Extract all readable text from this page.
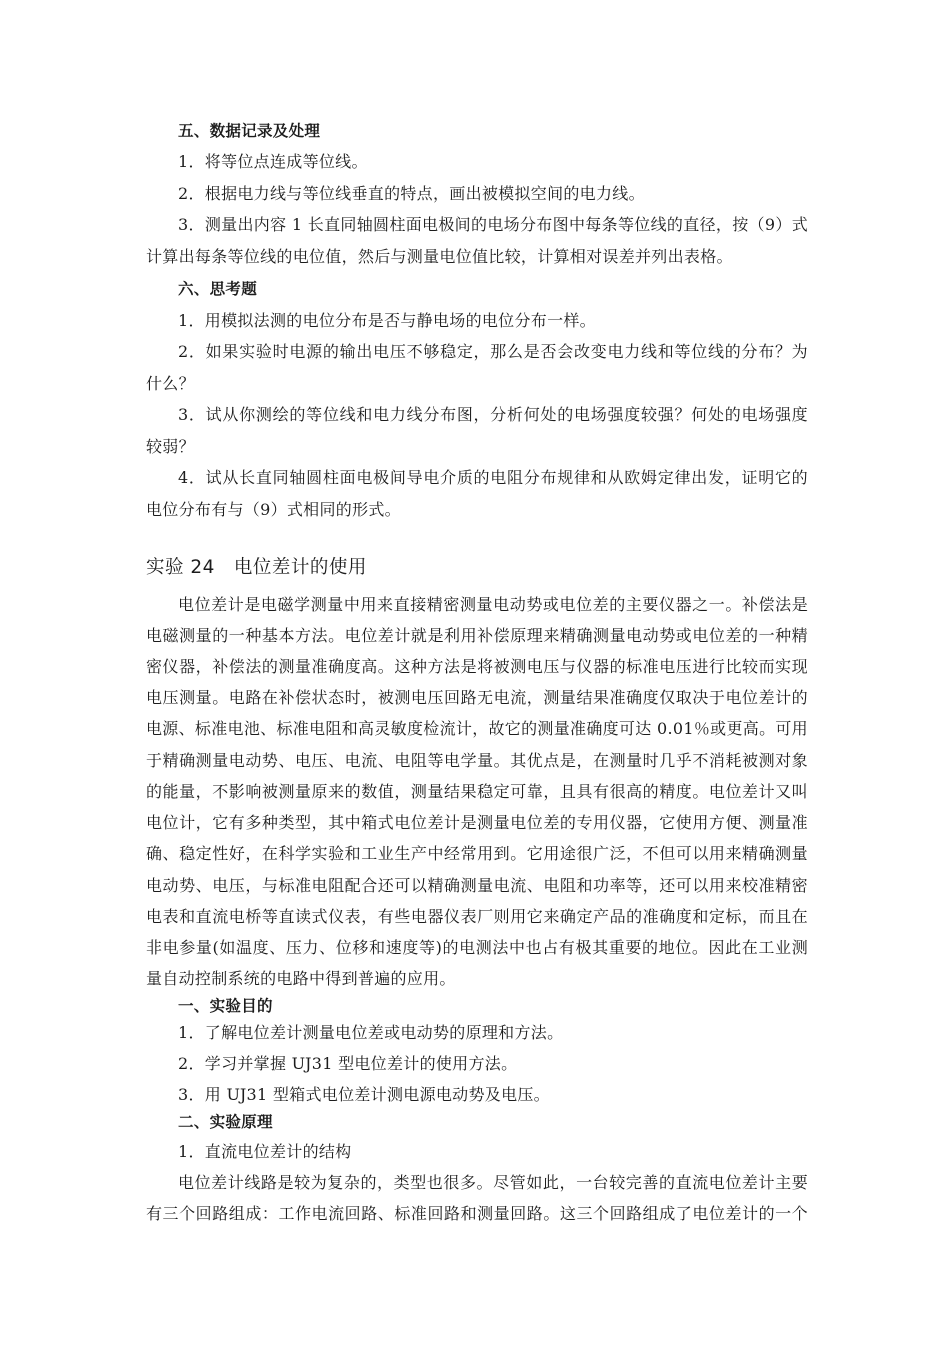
五、数据记录及处理
1．将等位点连成等位线。
2．根据电力线与等位线垂直的特点，画出被模拟空间的电力线。
3．测量出内容 1 长直同轴圆柱面电极间的电场分布图中每条等位线的直径，按（9）式
计算出每条等位线的电位值，然后与测量电位值比较，计算相对误差并列出表格。
六、思考题
1．用模拟法测的电位分布是否与静电场的电位分布一样。
2．如果实验时电源的输出电压不够稳定，那么是否会改变电力线和等位线的分布？为
什么？
3．试从你测绘的等位线和电力线分布图，分析何处的电场强度较强？何处的电场强度
较弱？
4．试从长直同轴圆柱面电极间导电介质的电阻分布规律和从欧姆定律出发，证明它的
电位分布有与（9）式相同的形式。
实验 24　电位差计的使用
电位差计是电磁学测量中用来直接精密测量电动势或电位差的主要仪器之一。补偿法是
电磁测量的一种基本方法。电位差计就是利用补偿原理来精确测量电动势或电位差的一种精
密仪器，补偿法的测量准确度高。这种方法是将被测电压与仪器的标准电压进行比较而实现
电压测量。电路在补偿状态时，被测电压回路无电流，测量结果准确度仅取决于电位差计的
电源、标准电池、标准电阻和高灵敏度检流计，故它的测量准确度可达 0.01％或更高。可用
于精确测量电动势、电压、电流、电阻等电学量。其优点是，在测量时几乎不消耗被测对象
的能量，不影响被测量原来的数值，测量结果稳定可靠，且具有很高的精度。电位差计又叫
电位计，它有多种类型，其中箱式电位差计是测量电位差的专用仪器，它使用方便、测量准
确、稳定性好，在科学实验和工业生产中经常用到。它用途很广泛，不但可以用来精确测量
电动势、电压，与标准电阻配合还可以精确测量电流、电阻和功率等，还可以用来校准精密
电表和直流电桥等直读式仪表，有些电器仪表厂则用它来确定产品的准确度和定标，而且在
非电参量(如温度、压力、位移和速度等)的电测法中也占有极其重要的地位。因此在工业测
量自动控制系统的电路中得到普遍的应用。
一、实验目的
1．了解电位差计测量电位差或电动势的原理和方法。
2．学习并掌握 UJ31 型电位差计的使用方法。
3．用 UJ31 型箱式电位差计测电源电动势及电压。
二、实验原理
1．直流电位差计的结构
电位差计线路是较为复杂的，类型也很多。尽管如此，一台较完善的直流电位差计主要
有三个回路组成：工作电流回路、标准回路和测量回路。这三个回路组成了电位差计的一个
